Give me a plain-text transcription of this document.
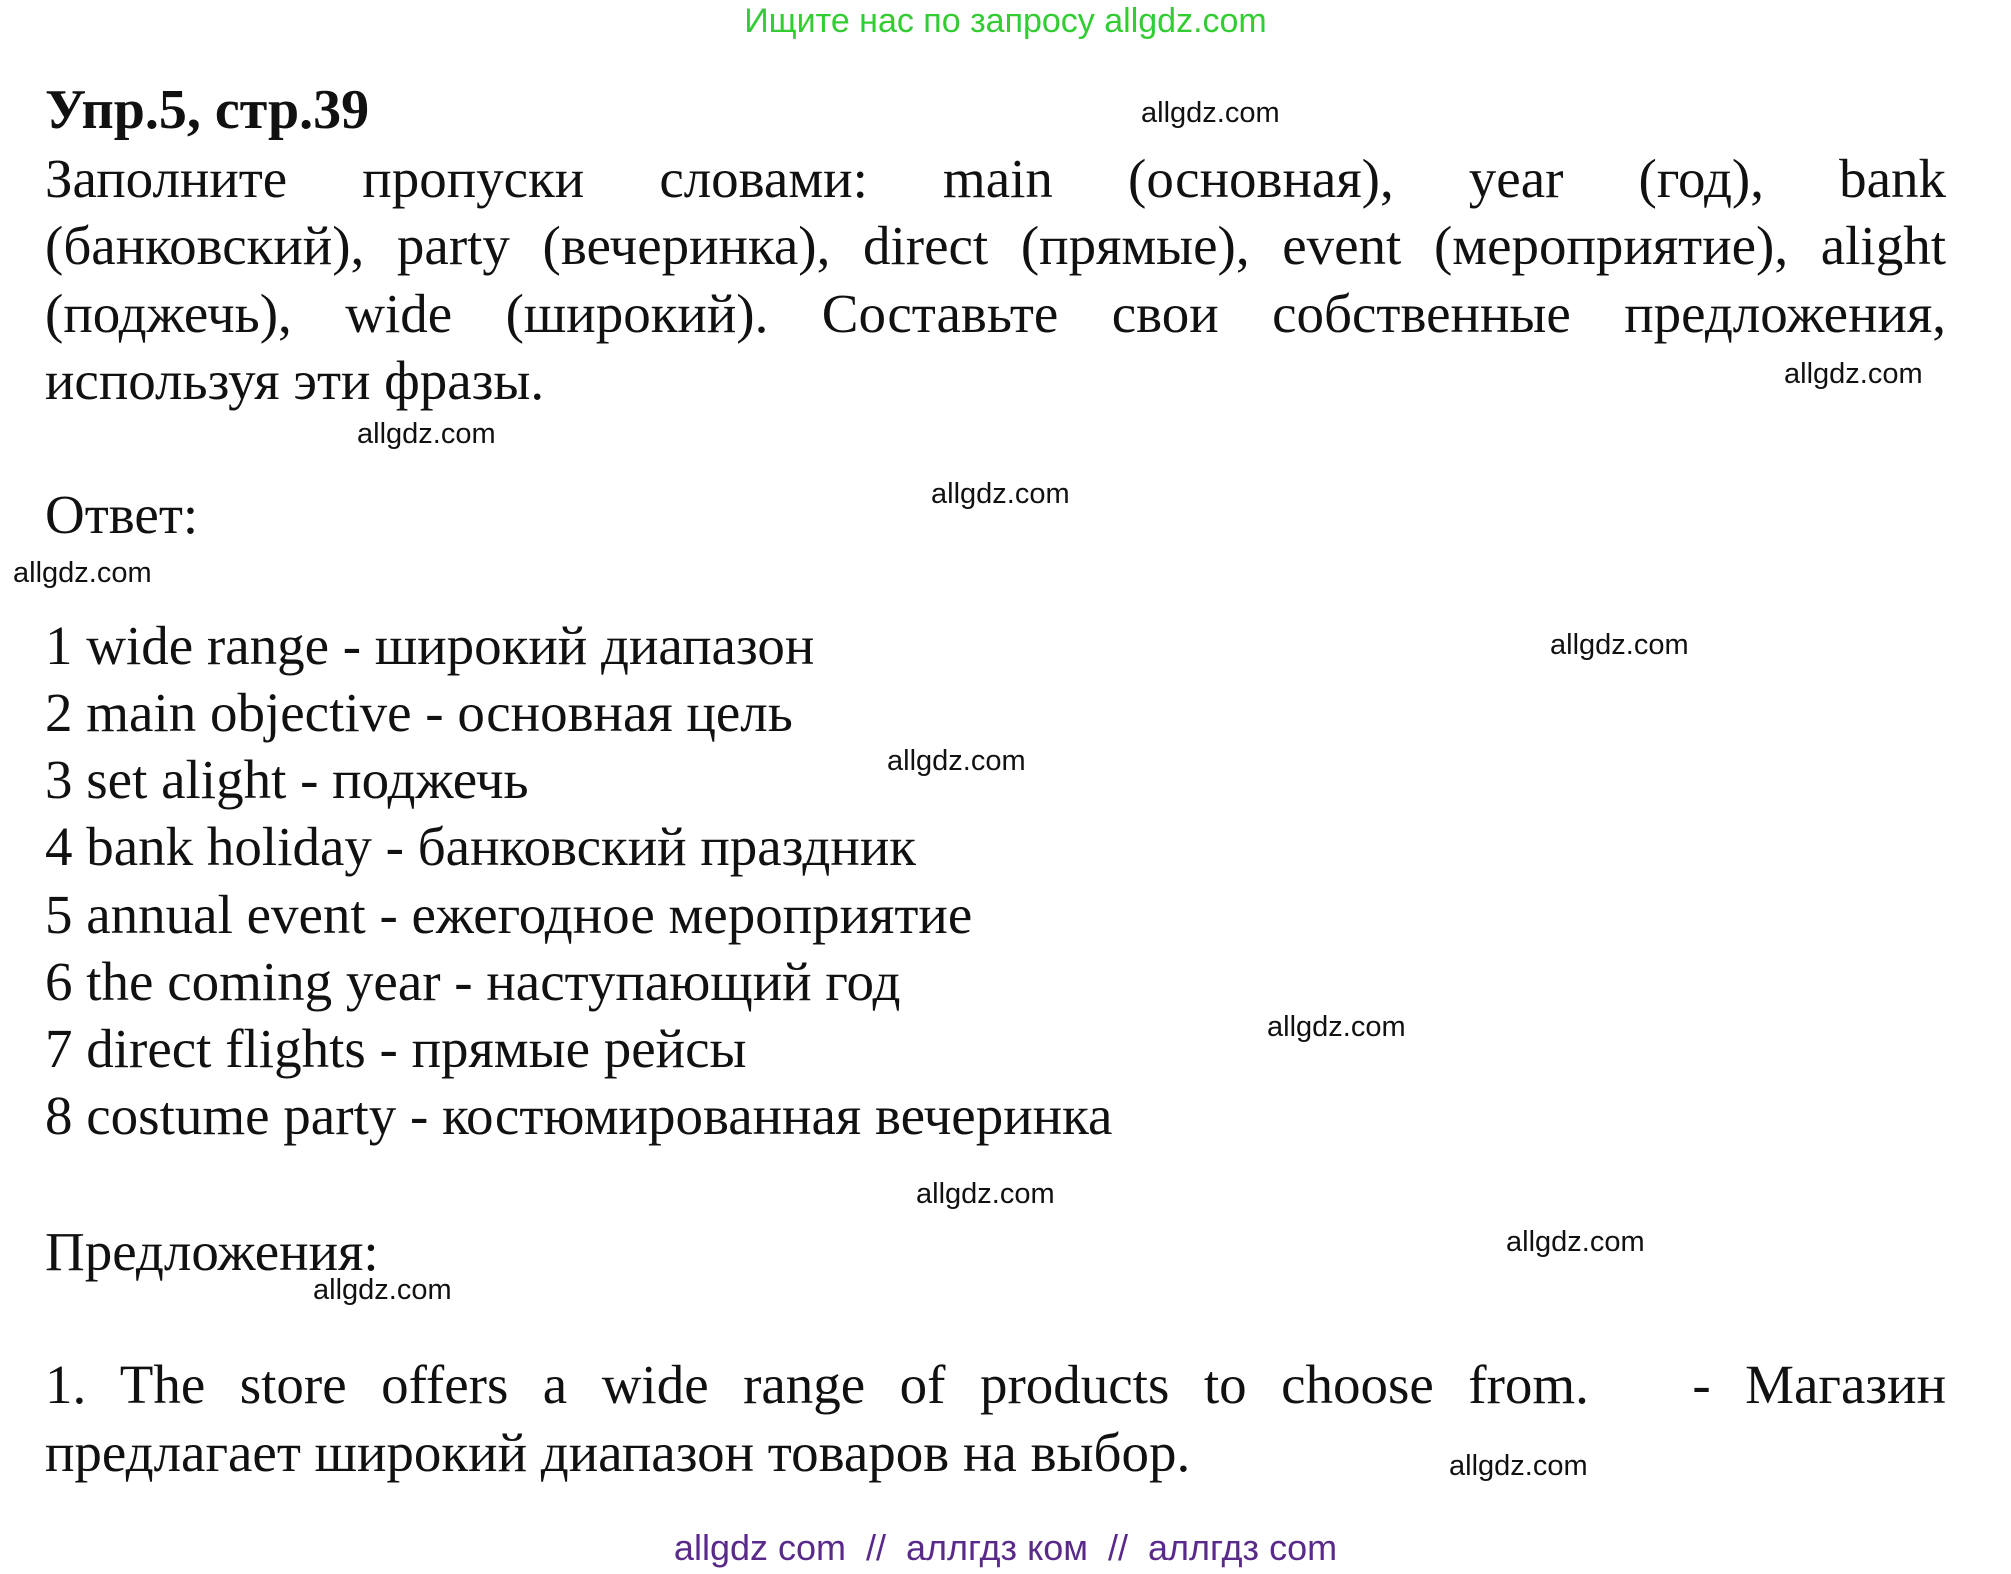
Ищите нас по запросу allgdz.com
Упр.5, стр.39
Заполните пропуски словами: main (основная), year (год), bank
(банковский), party (вечеринка), direct (прямые), event (мероприятие), alight
(поджечь), wide (широкий). Составьте свои собственные предложения,
используя эти фразы.
Ответ:
1 wide range - широкий диапазон
2 main objective - основная цель
3 set alight - поджечь
4 bank holiday - банковский праздник
5 annual event - ежегодное мероприятие
6 the coming year - наступающий год
7 direct flights - прямые рейсы
8 costume party - костюмированная вечеринка
Предложения:
1. The store offers a wide range of products to choose from.   - Магазин
предлагает широкий диапазон товаров на выбор.
allgdz.com
allgdz.com
allgdz.com
allgdz.com
allgdz.com
allgdz.com
allgdz.com
allgdz.com
allgdz.com
allgdz.com
allgdz.com
allgdz.com
allgdz com  //  аллгдз ком  //  аллгдз com
